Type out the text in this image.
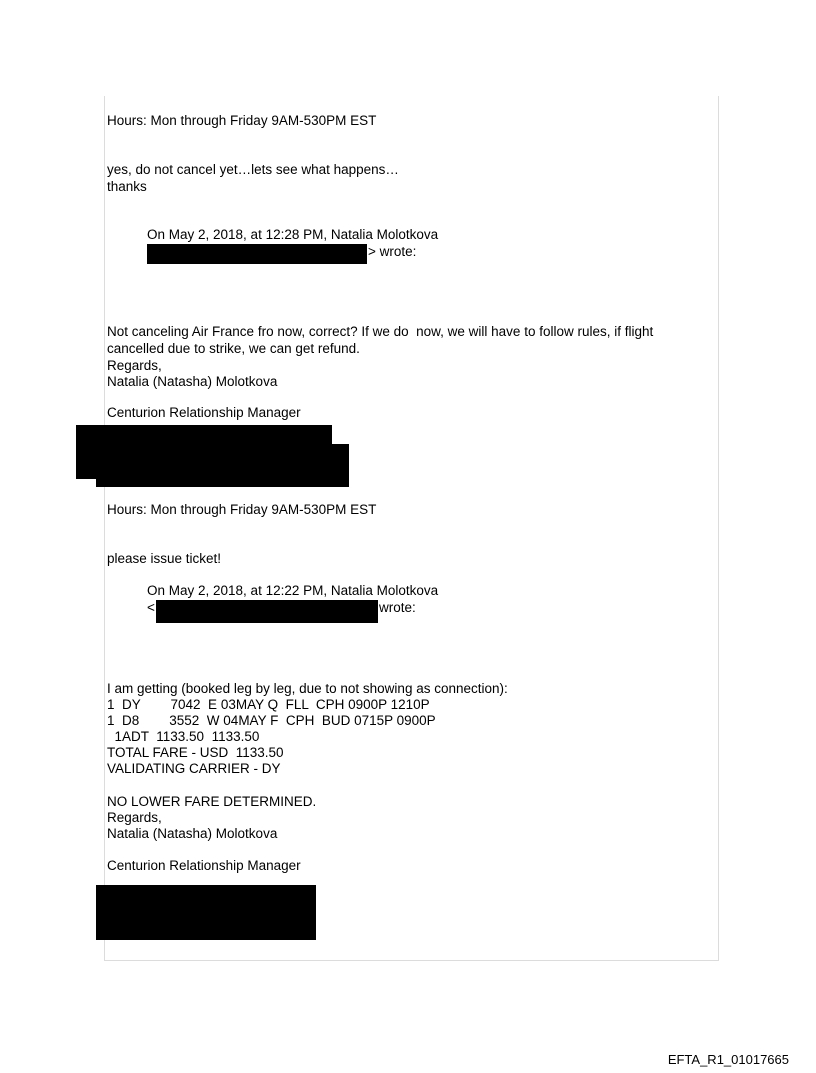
Hours: Mon through Friday 9AM-530PM EST
yes, do not cancel yet…lets see what happens…
thanks
On May 2, 2018, at 12:28 PM, Natalia Molotkova
> wrote:
Not canceling Air France fro now, correct? If we do  now, we will have to follow rules, if flight
cancelled due to strike, we can get refund.
Regards,
Natalia (Natasha) Molotkova
Centurion Relationship Manager
Hours: Mon through Friday 9AM-530PM EST
please issue ticket!
On May 2, 2018, at 12:22 PM, Natalia Molotkova
<	wrote:
I am getting (booked leg by leg, due to not showing as connection):
1  DY        7042  E 03MAY Q  FLL  CPH 0900P 1210P
1  D8        3552  W 04MAY F  CPH  BUD 0715P 0900P
1ADT  1133.50  1133.50
TOTAL FARE - USD  1133.50
VALIDATING CARRIER - DY
NO LOWER FARE DETERMINED.
Regards,
Natalia (Natasha) Molotkova
Centurion Relationship Manager
EFTA_R1_01017665
